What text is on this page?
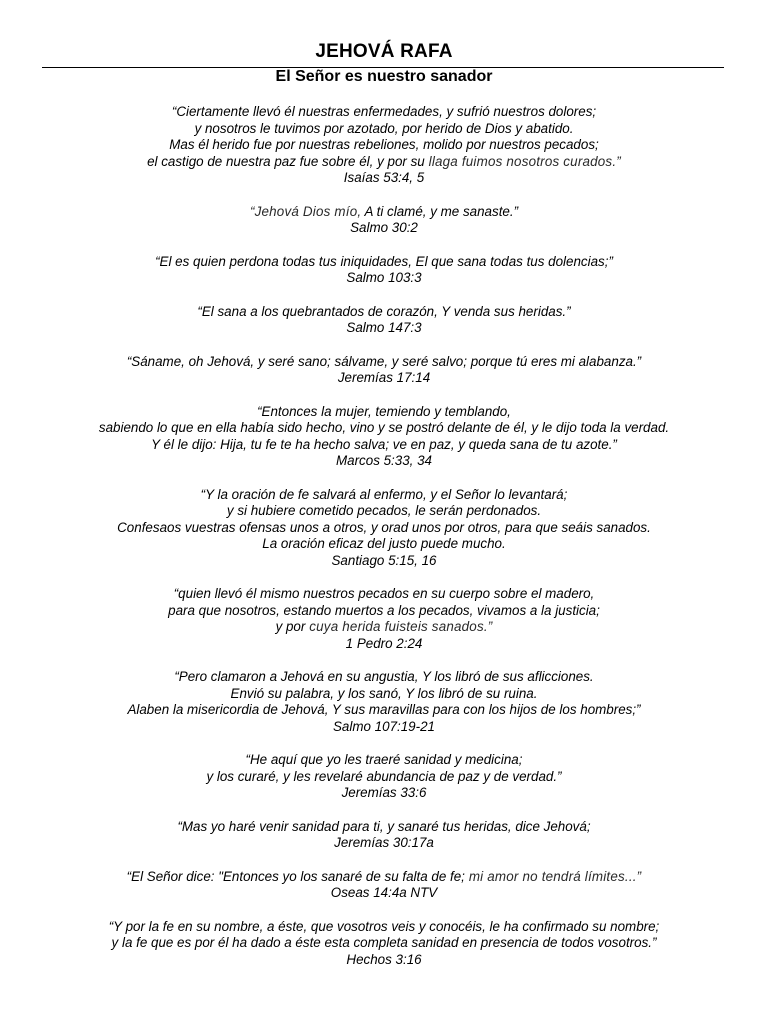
JEHOVÁ RAFA
El Señor es nuestro sanador
“Ciertamente llevó él nuestras enfermedades, y sufrió nuestros dolores;
y nosotros le tuvimos por azotado, por herido de Dios y abatido.
Mas él herido fue por nuestras rebeliones, molido por nuestros pecados;
el castigo de nuestra paz fue sobre él, y por su llaga fuimos nosotros curados.”
Isaías 53:4, 5
“Jehová Dios mío, A ti clamé, y me sanaste.”
Salmo 30:2
“El es quien perdona todas tus iniquidades, El que sana todas tus dolencias;”
Salmo 103:3
“El sana a los quebrantados de corazón, Y venda sus heridas.”
Salmo 147:3
“Sáname, oh Jehová, y seré sano; sálvame, y seré salvo; porque tú eres mi alabanza.”
Jeremías 17:14
“Entonces la mujer, temiendo y temblando,
sabiendo lo que en ella había sido hecho, vino y se postró delante de él, y le dijo toda la verdad.
Y él le dijo: Hija, tu fe te ha hecho salva; ve en paz, y queda sana de tu azote.”
Marcos 5:33, 34
“Y la oración de fe salvará al enfermo, y el Señor lo levantará;
y si hubiere cometido pecados, le serán perdonados.
Confesaos vuestras ofensas unos a otros, y orad unos por otros, para que seáis sanados.
La oración eficaz del justo puede mucho.
Santiago 5:15, 16
“quien llevó él mismo nuestros pecados en su cuerpo sobre el madero,
para que nosotros, estando muertos a los pecados, vivamos a la justicia;
y por cuya herida fuisteis sanados.”
1 Pedro 2:24
“Pero clamaron a Jehová en su angustia, Y los libró de sus aflicciones.
Envió su palabra, y los sanó, Y los libró de su ruina.
Alaben la misericordia de Jehová, Y sus maravillas para con los hijos de los hombres;”
Salmo 107:19-21
“He aquí que yo les traeré sanidad y medicina;
y los curaré, y les revelaré abundancia de paz y de verdad.”
Jeremías 33:6
“Mas yo haré venir sanidad para ti, y sanaré tus heridas, dice Jehová;
Jeremías 30:17a
“El Señor dice: "Entonces yo los sanaré de su falta de fe; mi amor no tendrá límites...”
Oseas 14:4a NTV
“Y por la fe en su nombre, a éste, que vosotros veis y conocéis, le ha confirmado su nombre;
y la fe que es por él ha dado a éste esta completa sanidad en presencia de todos vosotros.”
Hechos 3:16
